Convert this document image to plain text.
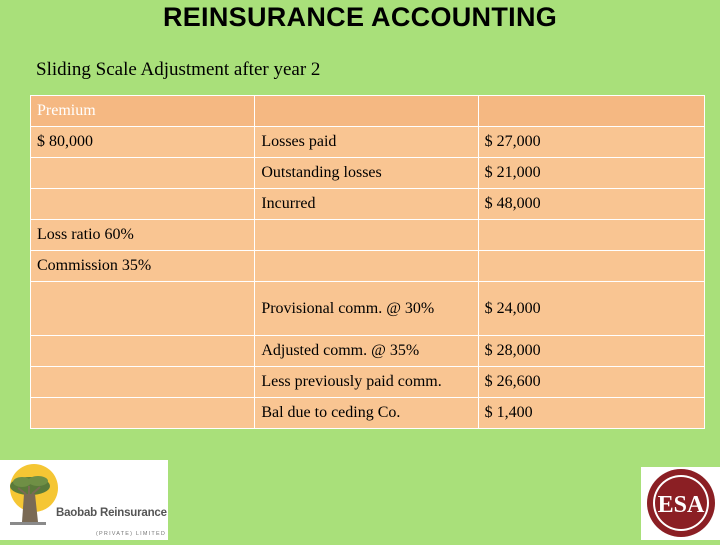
REINSURANCE ACCOUNTING
Sliding Scale Adjustment after year 2
Premium		
$ 80,000	Losses paid	$ 27,000
	Outstanding losses	$ 21,000
	Incurred	$ 48,000
Loss ratio 60%		
Commission 35%		
	Provisional comm. @ 30%	$ 24,000
	Adjusted comm. @ 35%	$ 28,000
	Less previously paid comm.	$ 26,600
	Bal due to ceding Co.	$ 1,400
Baobab Reinsurance
(PRIVATE) LIMITED
ESA
